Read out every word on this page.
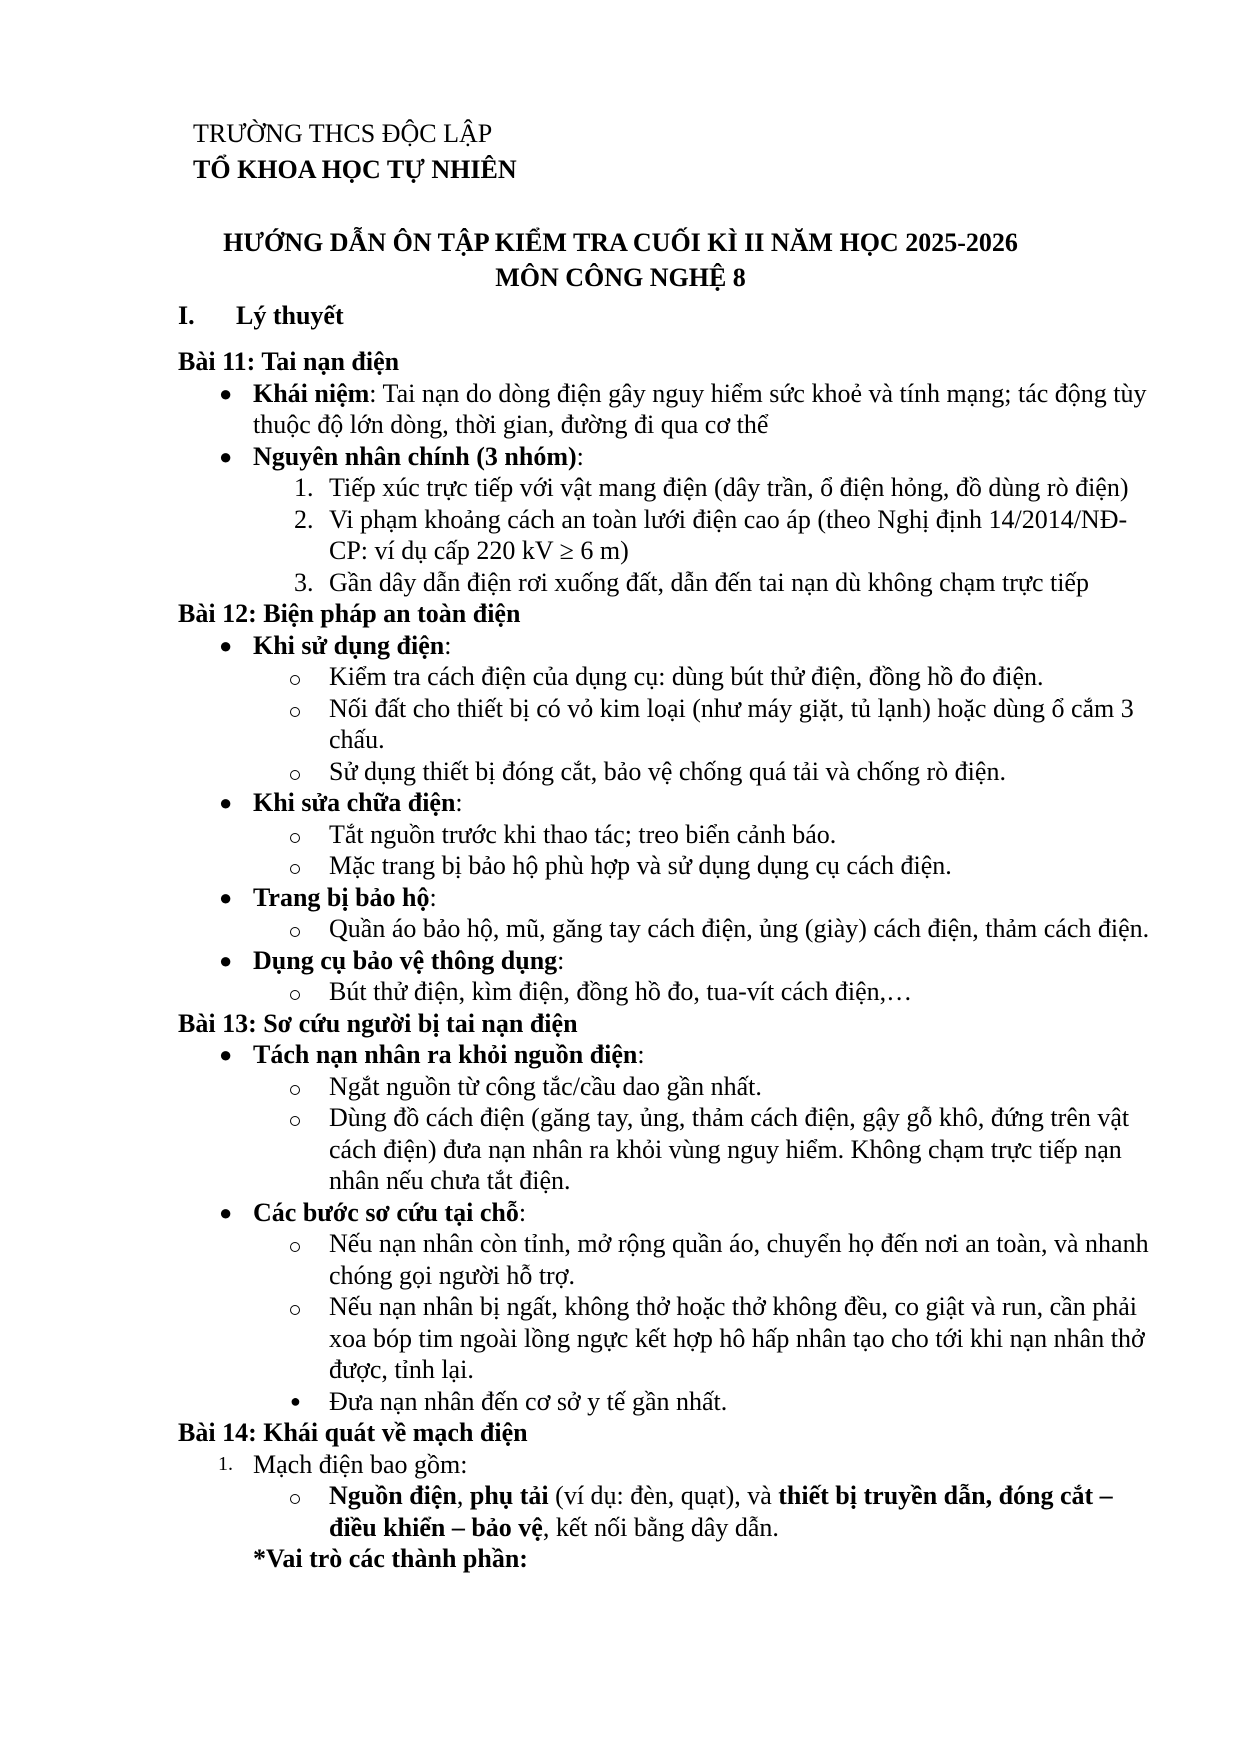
TRƯỜNG THCS ĐỘC LẬP
TỔ KHOA HỌC TỰ NHIÊN
HƯỚNG DẪN ÔN TẬP KIỂM TRA CUỐI KÌ II NĂM HỌC 2025-2026
MÔN CÔNG NGHỆ 8
I. Lý thuyết
Bài 11: Tai nạn điện
● Khái niệm: Tai nạn do dòng điện gây nguy hiểm sức khoẻ và tính mạng; tác động tùy thuộc độ lớn dòng, thời gian, đường đi qua cơ thể
● Nguyên nhân chính (3 nhóm):
1. Tiếp xúc trực tiếp với vật mang điện (dây trần, ổ điện hỏng, đồ dùng rò điện)
2. Vi phạm khoảng cách an toàn lưới điện cao áp (theo Nghị định 14/2014/NĐ-CP: ví dụ cấp 220 kV ≥ 6 m)
3. Gần dây dẫn điện rơi xuống đất, dẫn đến tai nạn dù không chạm trực tiếp
Bài 12: Biện pháp an toàn điện
● Khi sử dụng điện:
Kiểm tra cách điện của dụng cụ: dùng bút thử điện, đồng hồ đo điện.
Nối đất cho thiết bị có vỏ kim loại (như máy giặt, tủ lạnh) hoặc dùng ổ cắm 3 chấu.
Sử dụng thiết bị đóng cắt, bảo vệ chống quá tải và chống rò điện.
● Khi sửa chữa điện:
Tắt nguồn trước khi thao tác; treo biển cảnh báo.
Mặc trang bị bảo hộ phù hợp và sử dụng dụng cụ cách điện.
● Trang bị bảo hộ:
Quần áo bảo hộ, mũ, găng tay cách điện, ủng (giày) cách điện, thảm cách điện.
● Dụng cụ bảo vệ thông dụng:
Bút thử điện, kìm điện, đồng hồ đo, tua-vít cách điện,…
Bài 13: Sơ cứu người bị tai nạn điện
● Tách nạn nhân ra khỏi nguồn điện:
Ngắt nguồn từ công tắc/cầu dao gần nhất.
Dùng đồ cách điện (găng tay, ủng, thảm cách điện, gậy gỗ khô, đứng trên vật cách điện) đưa nạn nhân ra khỏi vùng nguy hiểm. Không chạm trực tiếp nạn nhân nếu chưa tắt điện.
● Các bước sơ cứu tại chỗ:
Nếu nạn nhân còn tỉnh, mở rộng quần áo, chuyển họ đến nơi an toàn, và nhanh chóng gọi người hỗ trợ.
Nếu nạn nhân bị ngất, không thở hoặc thở không đều, co giật và run, cần phải xoa bóp tim ngoài lồng ngực kết hợp hô hấp nhân tạo cho tới khi nạn nhân thở được, tỉnh lại.
● Đưa nạn nhân đến cơ sở y tế gần nhất.
Bài 14: Khái quát về mạch điện
1. Mạch điện bao gồm:
Nguồn điện, phụ tải (ví dụ: đèn, quạt), và thiết bị truyền dẫn, đóng cắt – điều khiển – bảo vệ, kết nối bằng dây dẫn.
*Vai trò các thành phần:
